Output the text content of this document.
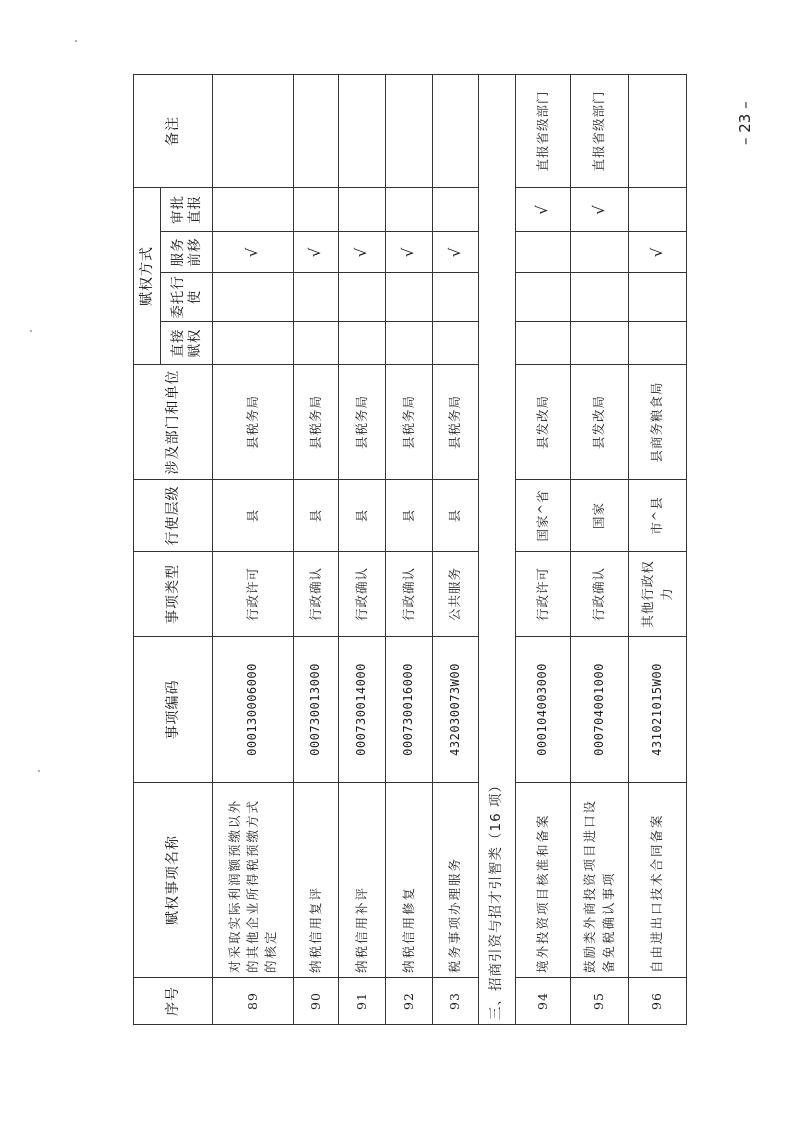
序号	赋权事项名称	事项编码	事项类型	行使层级	涉及部门和单位	赋权方式				备注
						直接赋权	委托行使	服务前移	审批直报	
89	对采取实际利润额预缴以外的其他企业所得税预缴方式的核定	000130006000	行政许可	县	县税务局			√		
90	纳税信用复评	000730013000	行政确认	县	县税务局			√		
91	纳税信用补评	000730014000	行政确认	县	县税务局			√		
92	纳税信用修复	000730016000	行政确认	县	县税务局			√		
93	税务事项办理服务	432030073W00	公共服务	县	县税务局			√		
三、招商引资与招才引智类（16 项）										
94	境外投资项目核准和备案	000104003000	行政许可	国家^省	县发改局				√	直报省级部门
95	鼓励类外商投资项目进口设备免税确认事项	000704001000	行政确认	国家	县发改局				√	直报省级部门
96	自由进出口技术合同备案	431021015W00	其他行政权力	市^县	县商务粮食局			√		
– 23 –
